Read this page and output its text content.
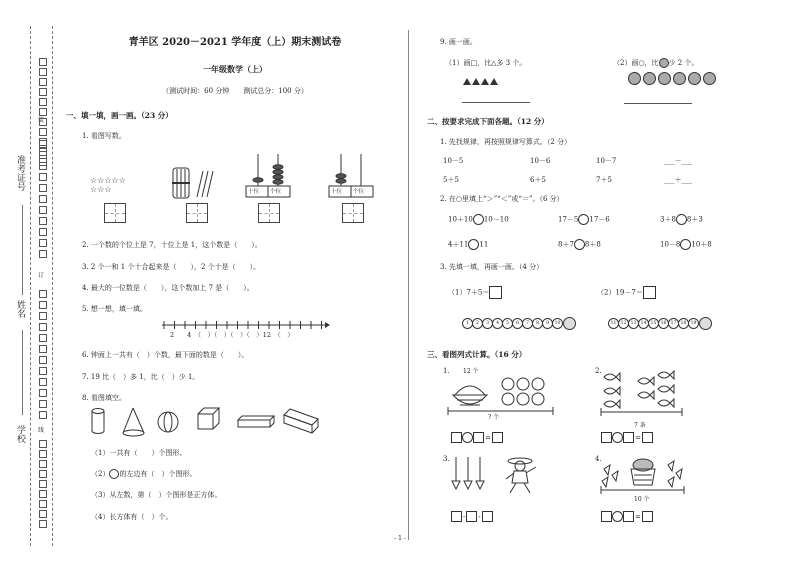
准考证号
姓名
学校
装
订
线
青羊区 2020－2021 学年度（上）期末测试卷
一年级数学（上）
（测试时间：60 分钟　　测试总分：100 分）
一、填一填，画一画。（23 分）
1. 看图写数。
☆☆☆☆☆
☆☆☆	十位 个位	十位 个位
2. 一个数的个位上是 7，十位上是 1，这个数是（　　）。
3. 2 个一和 1 个十合起来是（　　），2 个十是（　　）。
4. 最大的一位数是（　　），这个数加上 7 是（　　）。
5. 想一想，填一填。
2　　4　（　）（　）（　）（　）12　（　）
6. 钟面上一共有（　）个数，最下面的数是（　　）。
7. 19 比（　）多 1，比（　）少 1。
8. 看图填空。
（1）一共有（　　）个图形。
（2） 的左边有（　）个图形。
（3）从左数，第（　）个图形是正方体。
（4）长方体有（　）个。
9. 画一画。
（1）画□，比△多 3 个。	（2）画○，比 少 2 个。
二、按要求完成下面各题。（12 分）
1. 先找规律，再按照规律写算式。（2 分）
10－5	10－6	10－7	___－___
5＋5	6＋5	7＋5	___＋___
2. 在○里填上“＞”“＜”或“＝”。（6 分）
10＋10 10－10	17－5 17－6	3＋8 8＋3
4＋11 11	8＋7 8＋8	10－8 10＋8
3. 先填一填，再画一画。（4 分）
（1）7＋5＝	（2）19－7＝
1	2	3	4	5	6	7	8	9	10	11 12 13 14 15 16 17 18 19
三、看图列式计算。（16 分）
1. 12 个
? 个
=
2.
7 条
=
3.
- -
4.
10 个
=
- 1 -
